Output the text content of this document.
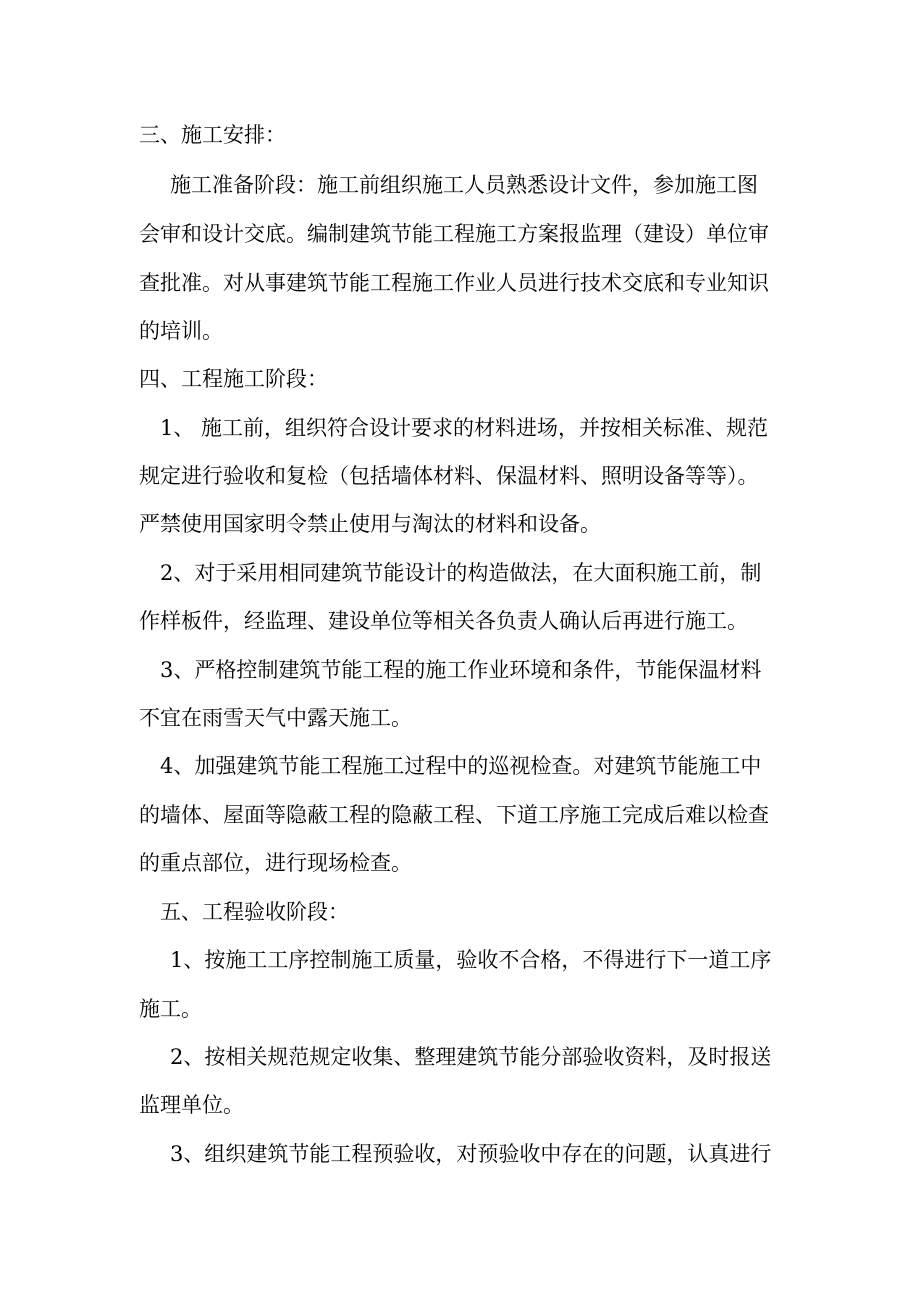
三、施工安排：
施工准备阶段：施工前组织施工人员熟悉设计文件，参加施工图
会审和设计交底。编制建筑节能工程施工方案报监理（建设）单位审
查批准。对从事建筑节能工程施工作业人员进行技术交底和专业知识
的培训。
四、工程施工阶段：
1、 施工前，组织符合设计要求的材料进场，并按相关标准、规范
规定进行验收和复检（包括墙体材料、保温材料、照明设备等等）。
严禁使用国家明令禁止使用与淘汰的材料和设备。
2、对于采用相同建筑节能设计的构造做法，在大面积施工前，制
作样板件，经监理、建设单位等相关各负责人确认后再进行施工。
3、严格控制建筑节能工程的施工作业环境和条件，节能保温材料
不宜在雨雪天气中露天施工。
4、加强建筑节能工程施工过程中的巡视检查。对建筑节能施工中
的墙体、屋面等隐蔽工程的隐蔽工程、下道工序施工完成后难以检查
的重点部位，进行现场检查。
五、工程验收阶段：
1、按施工工序控制施工质量，验收不合格，不得进行下一道工序
施工。
2、按相关规范规定收集、整理建筑节能分部验收资料，及时报送
监理单位。
3、组织建筑节能工程预验收，对预验收中存在的问题，认真进行
